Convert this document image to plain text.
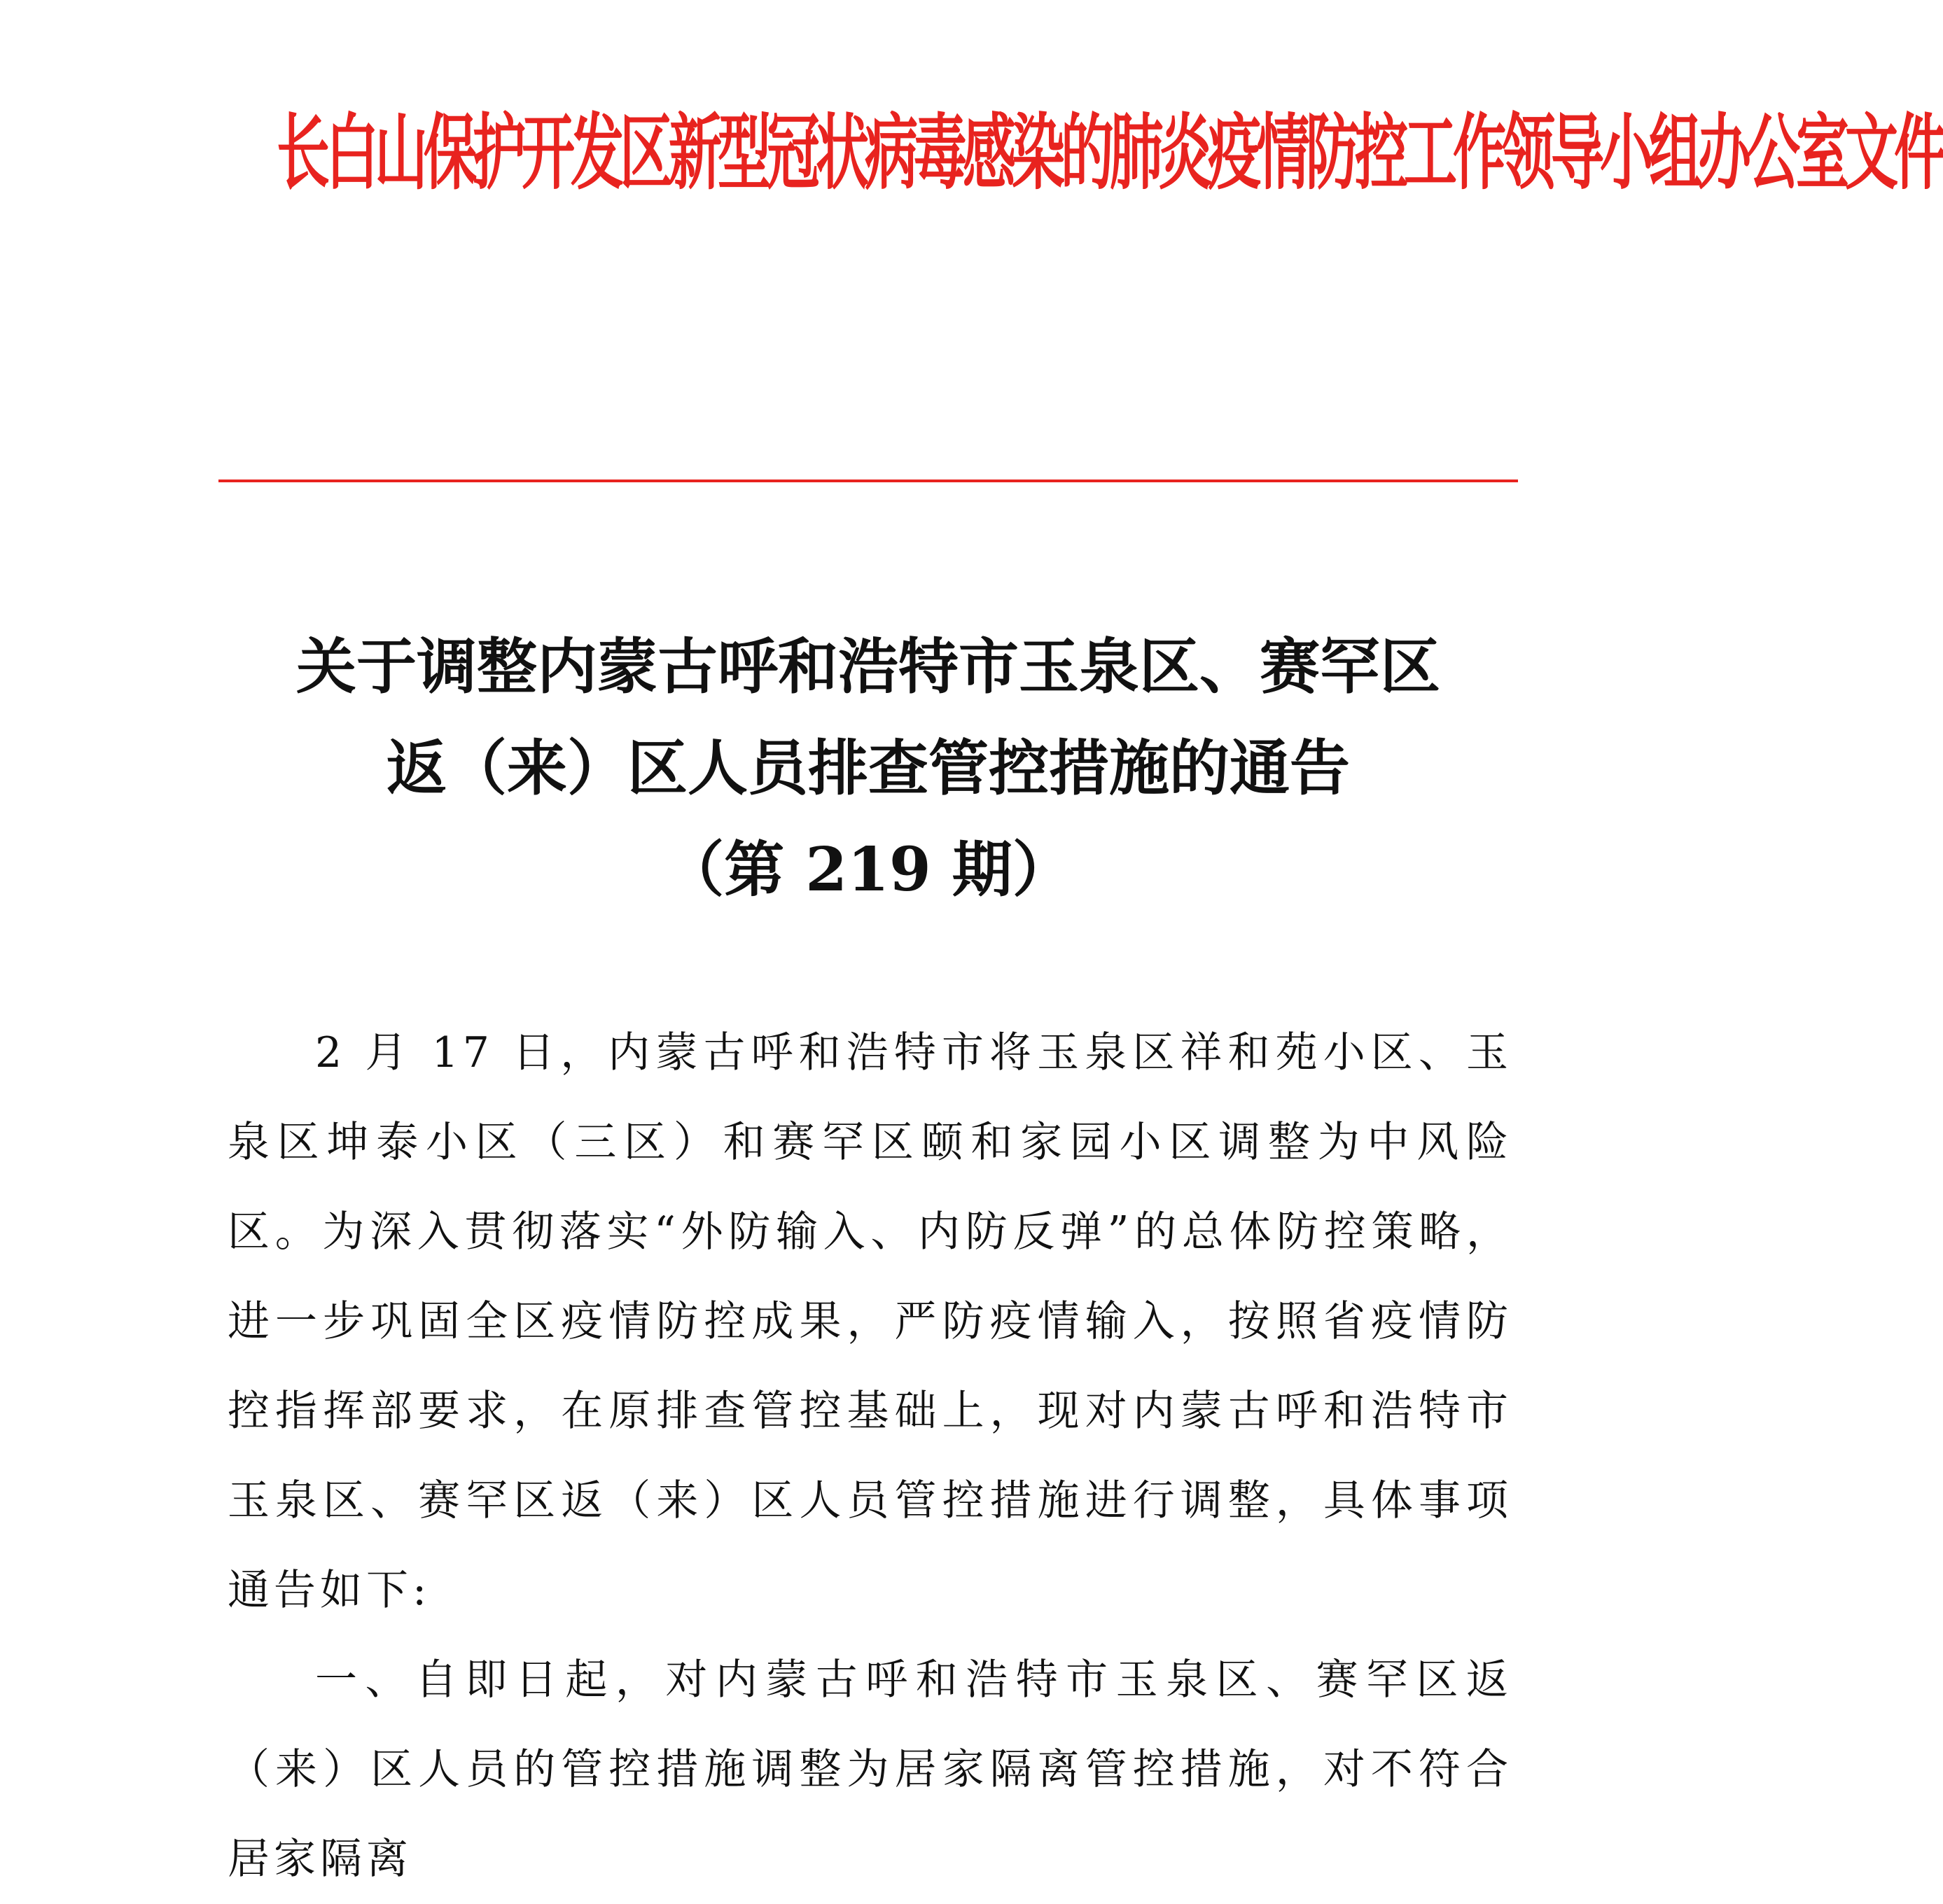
长白山保护开发区新型冠状病毒感染的肺炎疫情防控工作领导小组办公室文件
关于调整内蒙古呼和浩特市玉泉区、赛罕区
返（来）区人员排查管控措施的通告
（第 219 期）

2 月 17 日，内蒙古呼和浩特市将玉泉区祥和苑小区、玉泉区坤泰小区（三区）和赛罕区颐和家园小区调整为中风险区。为深入贯彻落实“外防输入、内防反弹”的总体防控策略，进一步巩固全区疫情防控成果，严防疫情输入，按照省疫情防控指挥部要求，在原排查管控基础上，现对内蒙古呼和浩特市玉泉区、赛罕区返（来）区人员管控措施进行调整，具体事项通告如下:

一、自即日起，对内蒙古呼和浩特市玉泉区、赛罕区返（来）区人员的管控措施调整为居家隔离管控措施，对不符合居家隔离
